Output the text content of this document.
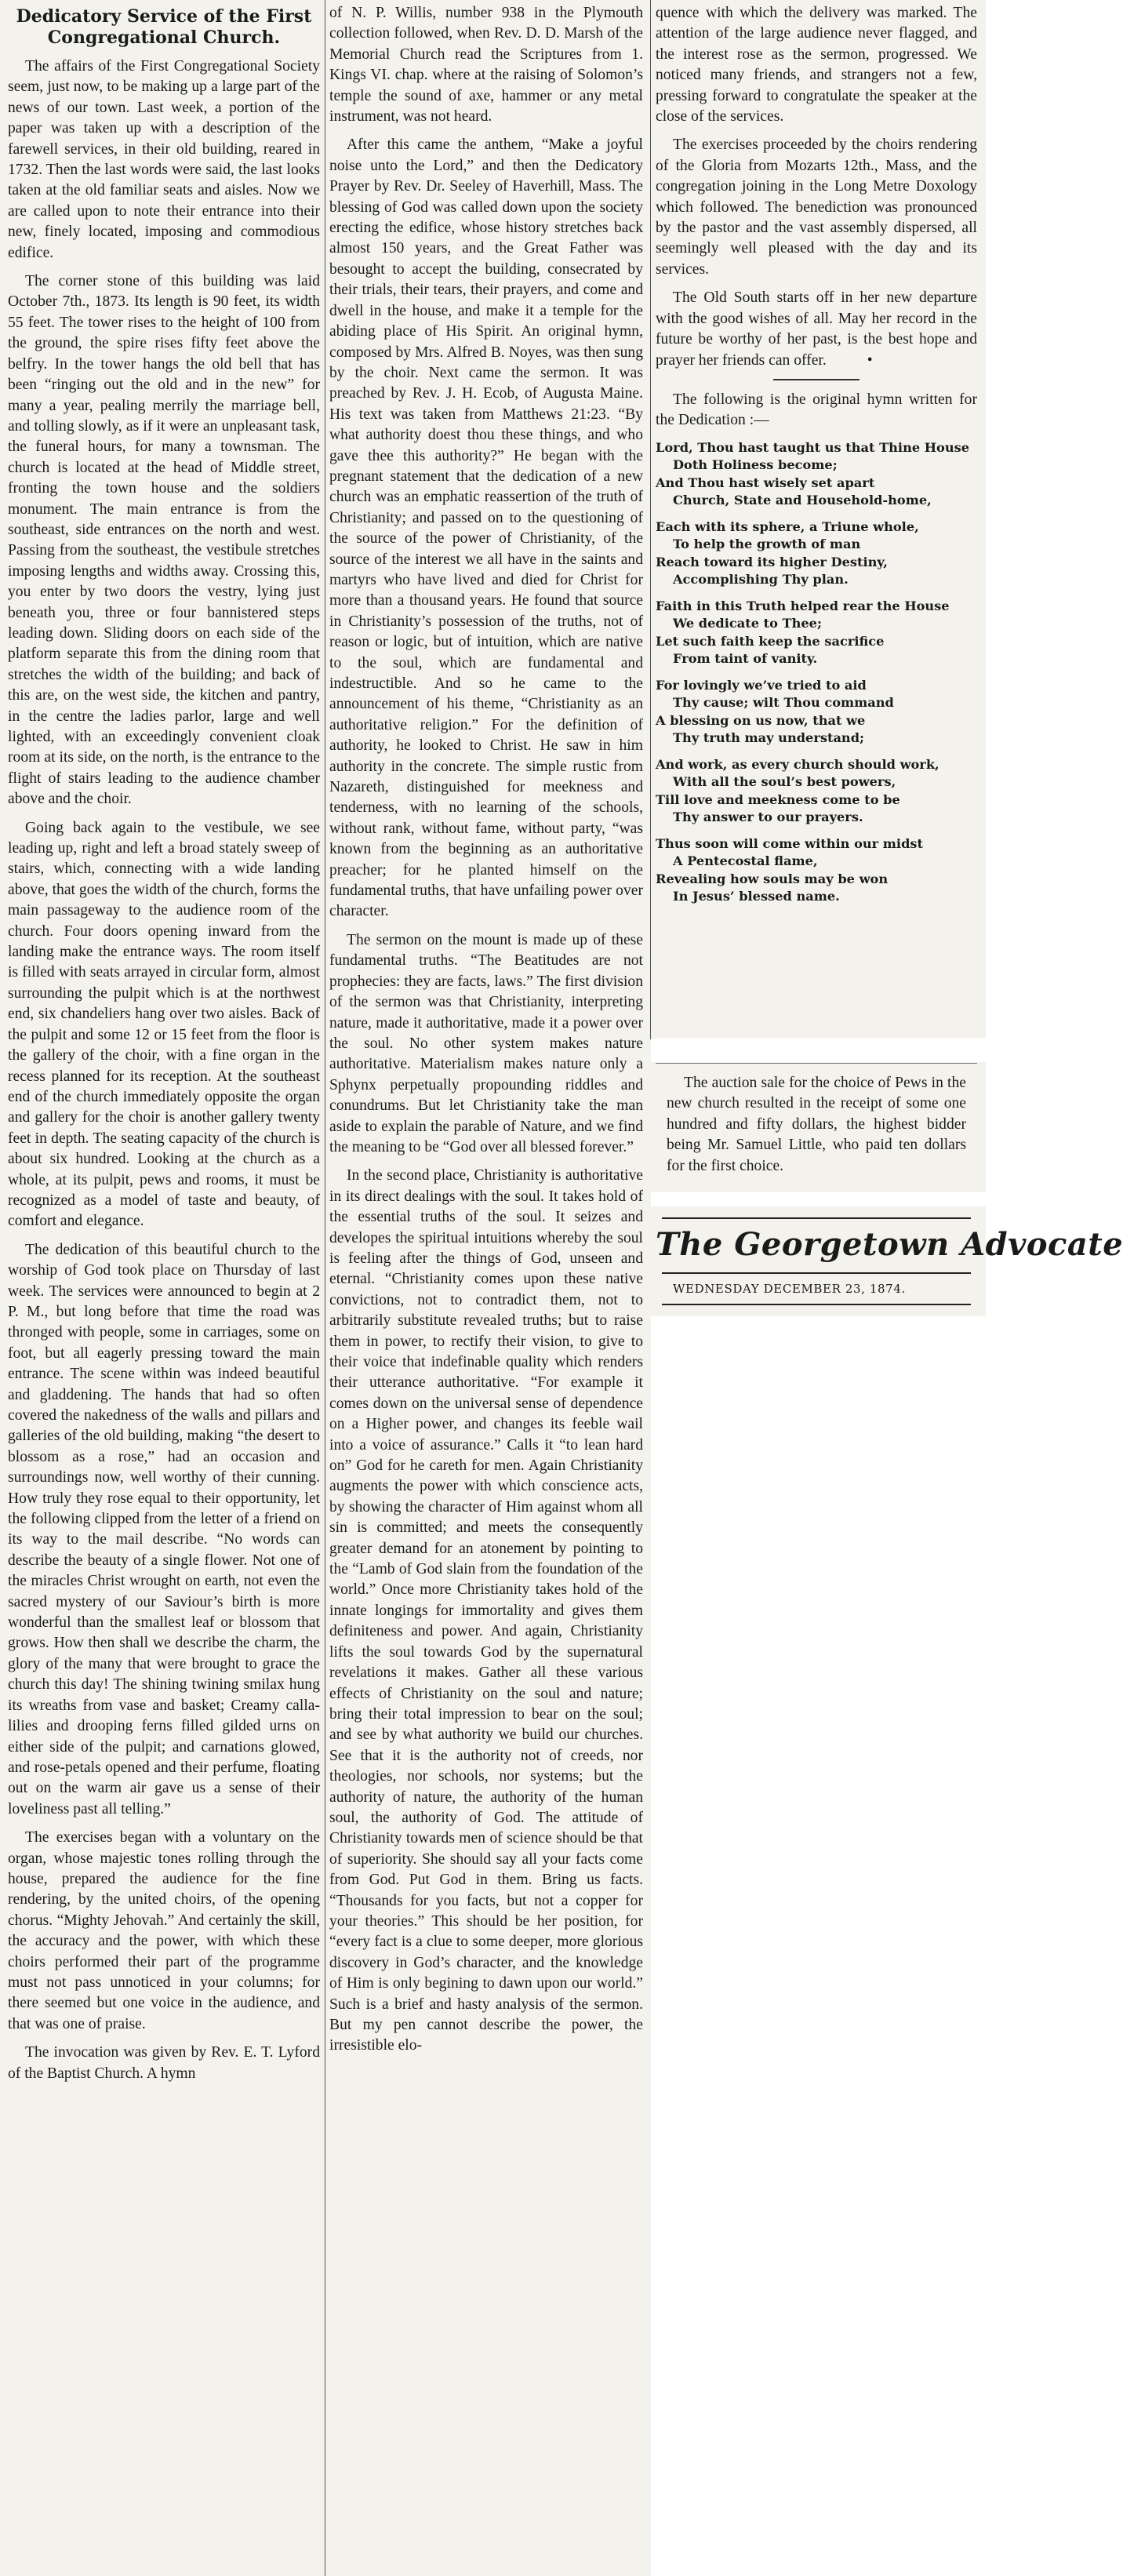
Dedicatory Service of the First Congregational Church.

The affairs of the First Congregational Society seem, just now, to be making up a large part of the news of our town. Last week, a portion of the paper was taken up with a description of the farewell services, in their old building, reared in 1732. Then the last words were said, the last looks taken at the old familiar seats and aisles. Now we are called upon to note their entrance into their new, finely located, imposing and commodious edifice.

The corner stone of this building was laid October 7th., 1873. Its length is 90 feet, its width 55 feet. The tower rises to the height of 100 from the ground, the spire rises fifty feet above the belfry. In the tower hangs the old bell that has been “ringing out the old and in the new” for many a year, pealing merrily the marriage bell, and tolling slowly, as if it were an unpleasant task, the funeral hours, for many a townsman. The church is located at the head of Middle street, fronting the town house and the soldiers monument. The main entrance is from the southeast, side entrances on the north and west. Passing from the southeast, the vestibule stretches imposing lengths and widths away. Crossing this, you enter by two doors the vestry, lying just beneath you, three or four bannistered steps leading down. Sliding doors on each side of the platform separate this from the dining room that stretches the width of the building; and back of this are, on the west side, the kitchen and pantry, in the centre the ladies parlor, large and well lighted, with an exceedingly convenient cloak room at its side, on the north, is the entrance to the flight of stairs leading to the audience chamber above and the choir.

Going back again to the vestibule, we see leading up, right and left a broad stately sweep of stairs, which, connecting with a wide landing above, that goes the width of the church, forms the main passageway to the audience room of the church. Four doors opening inward from the landing make the entrance ways. The room itself is filled with seats arrayed in circular form, almost surrounding the pulpit which is at the northwest end, six chandeliers hang over two aisles. Back of the pulpit and some 12 or 15 feet from the floor is the gallery of the choir, with a fine organ in the recess planned for its reception. At the southeast end of the church immediately opposite the organ and gallery for the choir is another gallery twenty feet in depth. The seating capacity of the church is about six hundred. Looking at the church as a whole, at its pulpit, pews and rooms, it must be recognized as a model of taste and beauty, of comfort and elegance.

The dedication of this beautiful church to the worship of God took place on Thursday of last week. The services were announced to begin at 2 P. M., but long before that time the road was thronged with people, some in carriages, some on foot, but all eagerly pressing toward the main entrance. The scene within was indeed beautiful and gladdening. The hands that had so often covered the nakedness of the walls and pillars and galleries of the old building, making “the desert to blossom as a rose,” had an occasion and surroundings now, well worthy of their cunning. How truly they rose equal to their opportunity, let the following clipped from the letter of a friend on its way to the mail describe. “No words can describe the beauty of a single flower. Not one of the miracles Christ wrought on earth, not even the sacred mystery of our Saviour’s birth is more wonderful than the smallest leaf or blossom that grows. How then shall we describe the charm, the glory of the many that were brought to grace the church this day! The shining twining smilax hung its wreaths from vase and basket; Creamy calla-lilies and drooping ferns filled gilded urns on either side of the pulpit; and carnations glowed, and rose-petals opened and their perfume, floating out on the warm air gave us a sense of their loveliness past all telling.”

The exercises began with a voluntary on the organ, whose majestic tones rolling through the house, prepared the audience for the fine rendering, by the united choirs, of the opening chorus. “Mighty Jehovah.” And certainly the skill, the accuracy and the power, with which these choirs performed their part of the programme must not pass unnoticed in your columns; for there seemed but one voice in the audience, and that was one of praise.

The invocation was given by Rev. E. T. Lyford of the Baptist Church. A hymn

of N. P. Willis, number 938 in the Plymouth collection followed, when Rev. D. D. Marsh of the Memorial Church read the Scriptures from 1. Kings VI. chap. where at the raising of Solomon’s temple the sound of axe, hammer or any metal instrument, was not heard.

After this came the anthem, “Make a joyful noise unto the Lord,” and then the Dedicatory Prayer by Rev. Dr. Seeley of Haverhill, Mass. The blessing of God was called down upon the society erecting the edifice, whose history stretches back almost 150 years, and the Great Father was besought to accept the building, consecrated by their trials, their tears, their prayers, and come and dwell in the house, and make it a temple for the abiding place of His Spirit. An original hymn, composed by Mrs. Alfred B. Noyes, was then sung by the choir. Next came the sermon. It was preached by Rev. J. H. Ecob, of Augusta Maine. His text was taken from Matthews 21:23. “By what authority doest thou these things, and who gave thee this authority?” He began with the pregnant statement that the dedication of a new church was an emphatic reassertion of the truth of Christianity; and passed on to the questioning of the source of the power of Christianity, of the source of the interest we all have in the saints and martyrs who have lived and died for Christ for more than a thousand years. He found that source in Christianity’s possession of the truths, not of reason or logic, but of intuition, which are native to the soul, which are fundamental and indestructible. And so he came to the announcement of his theme, “Christianity as an authoritative religion.” For the definition of authority, he looked to Christ. He saw in him authority in the concrete. The simple rustic from Nazareth, distinguished for meekness and tenderness, with no learning of the schools, without rank, without fame, without party, “was known from the beginning as an authoritative preacher; for he planted himself on the fundamental truths, that have unfailing power over character.

The sermon on the mount is made up of these fundamental truths. “The Beatitudes are not prophecies: they are facts, laws.” The first division of the sermon was that Christianity, interpreting nature, made it authoritative, made it a power over the soul. No other system makes nature authoritative. Materialism makes nature only a Sphynx perpetually propounding riddles and conundrums. But let Christianity take the man aside to explain the parable of Nature, and we find the meaning to be “God over all blessed forever.”

In the second place, Christianity is authoritative in its direct dealings with the soul. It takes hold of the essential truths of the soul. It seizes and developes the spiritual intuitions whereby the soul is feeling after the things of God, unseen and eternal. “Christianity comes upon these native convictions, not to contradict them, not to arbitrarily substitute revealed truths; but to raise them in power, to rectify their vision, to give to their voice that indefinable quality which renders their utterance authoritative. “For example it comes down on the universal sense of dependence on a Higher power, and changes its feeble wail into a voice of assurance.” Calls it “to lean hard on” God for he careth for men. Again Christianity augments the power with which conscience acts, by showing the character of Him against whom all sin is committed; and meets the consequently greater demand for an atonement by pointing to the “Lamb of God slain from the foundation of the world.” Once more Christianity takes hold of the innate longings for immortality and gives them definiteness and power. And again, Christianity lifts the soul towards God by the supernatural revelations it makes. Gather all these various effects of Christianity on the soul and nature; bring their total impression to bear on the soul; and see by what authority we build our churches. See that it is the authority not of creeds, nor theologies, nor schools, nor systems; but the authority of nature, the authority of the human soul, the authority of God. The attitude of Christianity towards men of science should be that of superiority. She should say all your facts come from God. Put God in them. Bring us facts. “Thousands for you facts, but not a copper for your theories.” This should be her position, for “every fact is a clue to some deeper, more glorious discovery in God’s character, and the knowledge of Him is only begining to dawn upon our world.” Such is a brief and hasty analysis of the sermon. But my pen cannot describe the power, the irresistible elo-

quence with which the delivery was marked. The attention of the large audience never flagged, and the interest rose as the sermon, progressed. We noticed many friends, and strangers not a few, pressing forward to congratulate the speaker at the close of the services.

The exercises proceeded by the choirs rendering of the Gloria from Mozarts 12th., Mass, and the congregation joining in the Long Metre Doxology which followed. The benediction was pronounced by the pastor and the vast assembly dispersed, all seemingly well pleased with the day and its services.

The Old South starts off in her new departure with the good wishes of all. May her record in the future be worthy of her past, is the best hope and prayer her friends can offer.	•

The following is the original hymn written for the Dedication :—

Lord, Thou hast taught us that Thine House
Doth Holiness become;
And Thou hast wisely set apart
Church, State and Household-home,
Each with its sphere, a Triune whole,
To help the growth of man
Reach toward its higher Destiny,
Accomplishing Thy plan.
Faith in this Truth helped rear the House
We dedicate to Thee;
Let such faith keep the sacrifice
From taint of vanity.
For lovingly we’ve tried to aid
Thy cause; wilt Thou command
A blessing on us now, that we
Thy truth may understand;
And work, as every church should work,
With all the soul’s best powers,
Till love and meekness come to be
Thy answer to our prayers.
Thus soon will come within our midst
A Pentecostal flame,
Revealing how souls may be won
In Jesus’ blessed name.

The auction sale for the choice of Pews in the new church resulted in the receipt of some one hundred and fifty dollars, the highest bidder being Mr. Samuel Little, who paid ten dollars for the first choice.

The Georgetown Advocate
WEDNESDAY DECEMBER 23, 1874.
